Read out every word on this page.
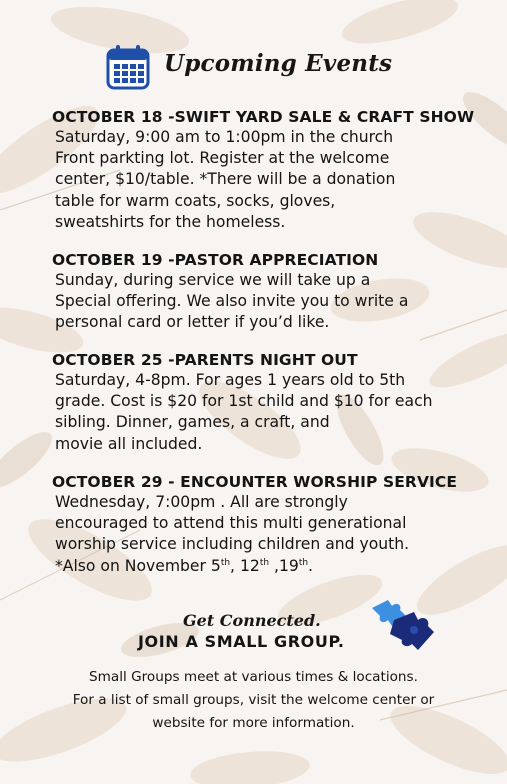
Upcoming Events
OCTOBER 18 -SWIFT YARD SALE & CRAFT SHOW

Saturday, 9:00 am to 1:00pm in the church

Front parkting lot. Register at the welcome

center, $10/table. *There will be a donation

table for warm coats, socks, gloves,

sweatshirts for the homeless.

OCTOBER 19 -PASTOR APPRECIATION

Sunday, during service we will take up a

Special offering. We also invite you to write a

personal card or letter if you’d like.

OCTOBER 25 -PARENTS NIGHT OUT

Saturday, 4-8pm. For ages 1 years old to 5th

grade. Cost is $20 for 1st child and $10 for each

sibling. Dinner, games, a craft, and

movie all included.

OCTOBER 29 - ENCOUNTER WORSHIP SERVICE

Wednesday, 7:00pm . All are strongly

encouraged to attend this multi generational

worship service including children and youth.

*Also on November 5th, 12th ,19th.

Get Connected.
JOIN A SMALL GROUP.
Small Groups meet at various times & locations.
For a list of small groups, visit the welcome center or
website for more information.
